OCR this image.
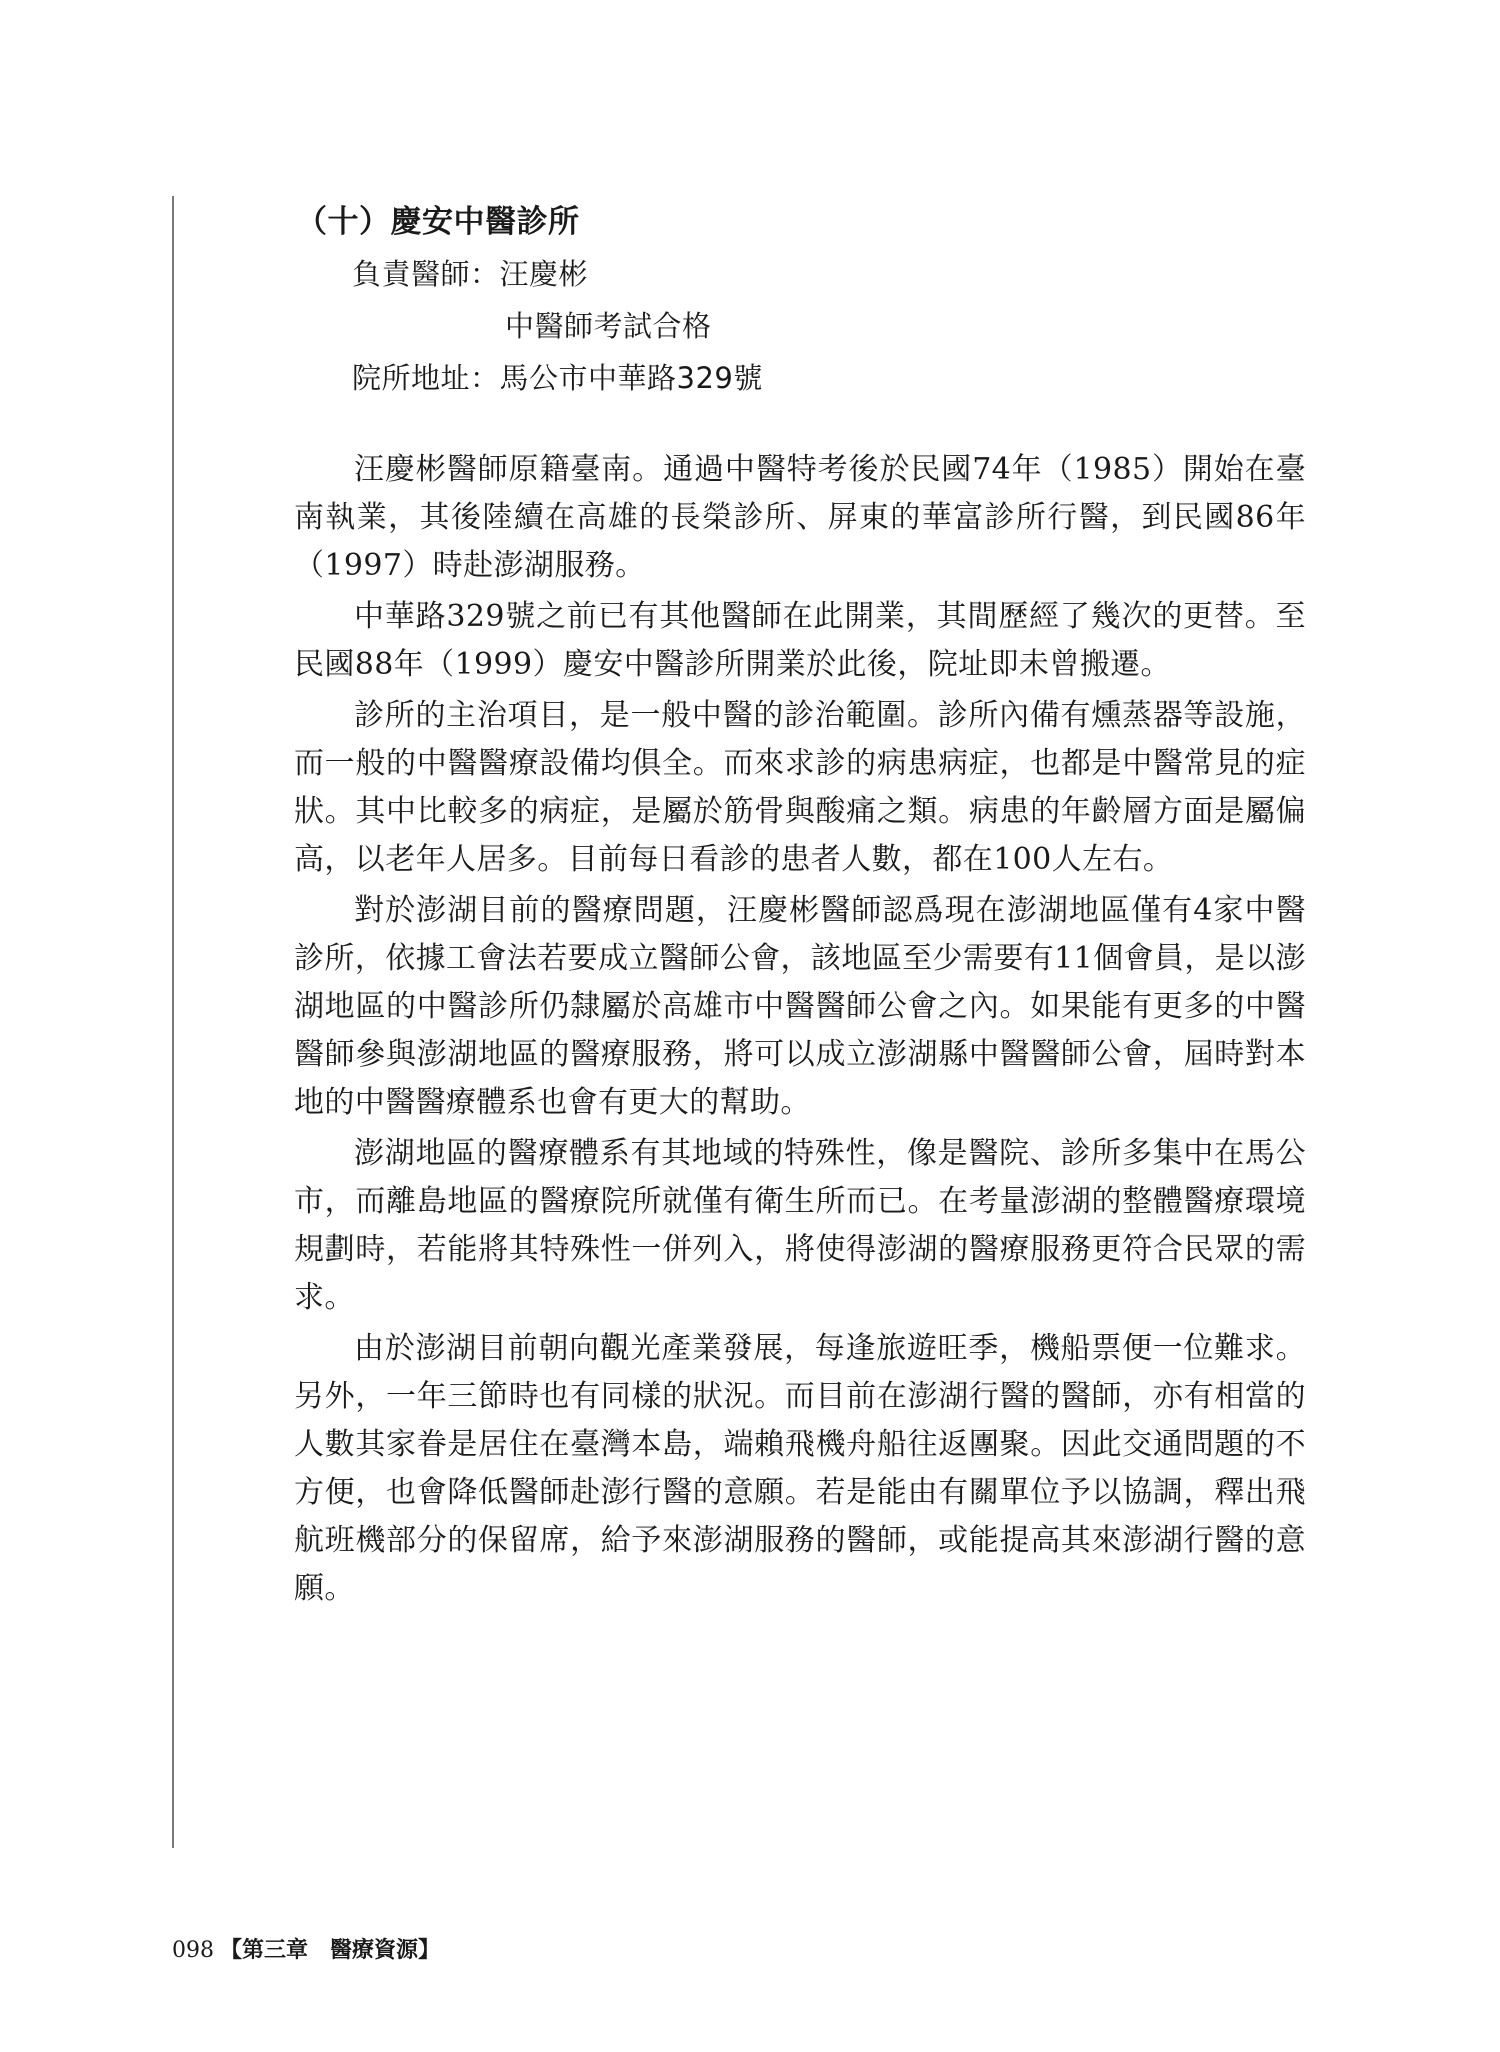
（十）慶安中醫診所
負責醫師：汪慶彬
中醫師考試合格
院所地址：馬公市中華路329號

汪慶彬醫師原籍臺南。通過中醫特考後於民國74年（1985）開始在臺南執業，其後陸續在高雄的長榮診所、屏東的華富診所行醫，到民國86年（1997）時赴澎湖服務。

中華路329號之前已有其他醫師在此開業，其間歷經了幾次的更替。至民國88年（1999）慶安中醫診所開業於此後，院址即未曾搬遷。

診所的主治項目，是一般中醫的診治範圍。診所內備有燻蒸器等設施，而一般的中醫醫療設備均俱全。而來求診的病患病症，也都是中醫常見的症狀。其中比較多的病症，是屬於筋骨與酸痛之類。病患的年齡層方面是屬偏高，以老年人居多。目前每日看診的患者人數，都在100人左右。

對於澎湖目前的醫療問題，汪慶彬醫師認爲現在澎湖地區僅有4家中醫診所，依據工會法若要成立醫師公會，該地區至少需要有11個會員，是以澎湖地區的中醫診所仍隸屬於高雄市中醫醫師公會之內。如果能有更多的中醫醫師參與澎湖地區的醫療服務，將可以成立澎湖縣中醫醫師公會，屆時對本地的中醫醫療體系也會有更大的幫助。

澎湖地區的醫療體系有其地域的特殊性，像是醫院、診所多集中在馬公市，而離島地區的醫療院所就僅有衛生所而已。在考量澎湖的整體醫療環境規劃時，若能將其特殊性一併列入，將使得澎湖的醫療服務更符合民眾的需求。

由於澎湖目前朝向觀光產業發展，每逢旅遊旺季，機船票便一位難求。另外，一年三節時也有同樣的狀況。而目前在澎湖行醫的醫師，亦有相當的人數其家眷是居住在臺灣本島，端賴飛機舟船往返團聚。因此交通問題的不方便，也會降低醫師赴澎行醫的意願。若是能由有關單位予以協調，釋出飛航班機部分的保留席，給予來澎湖服務的醫師，或能提高其來澎湖行醫的意願。

098 【第三章　醫療資源】
